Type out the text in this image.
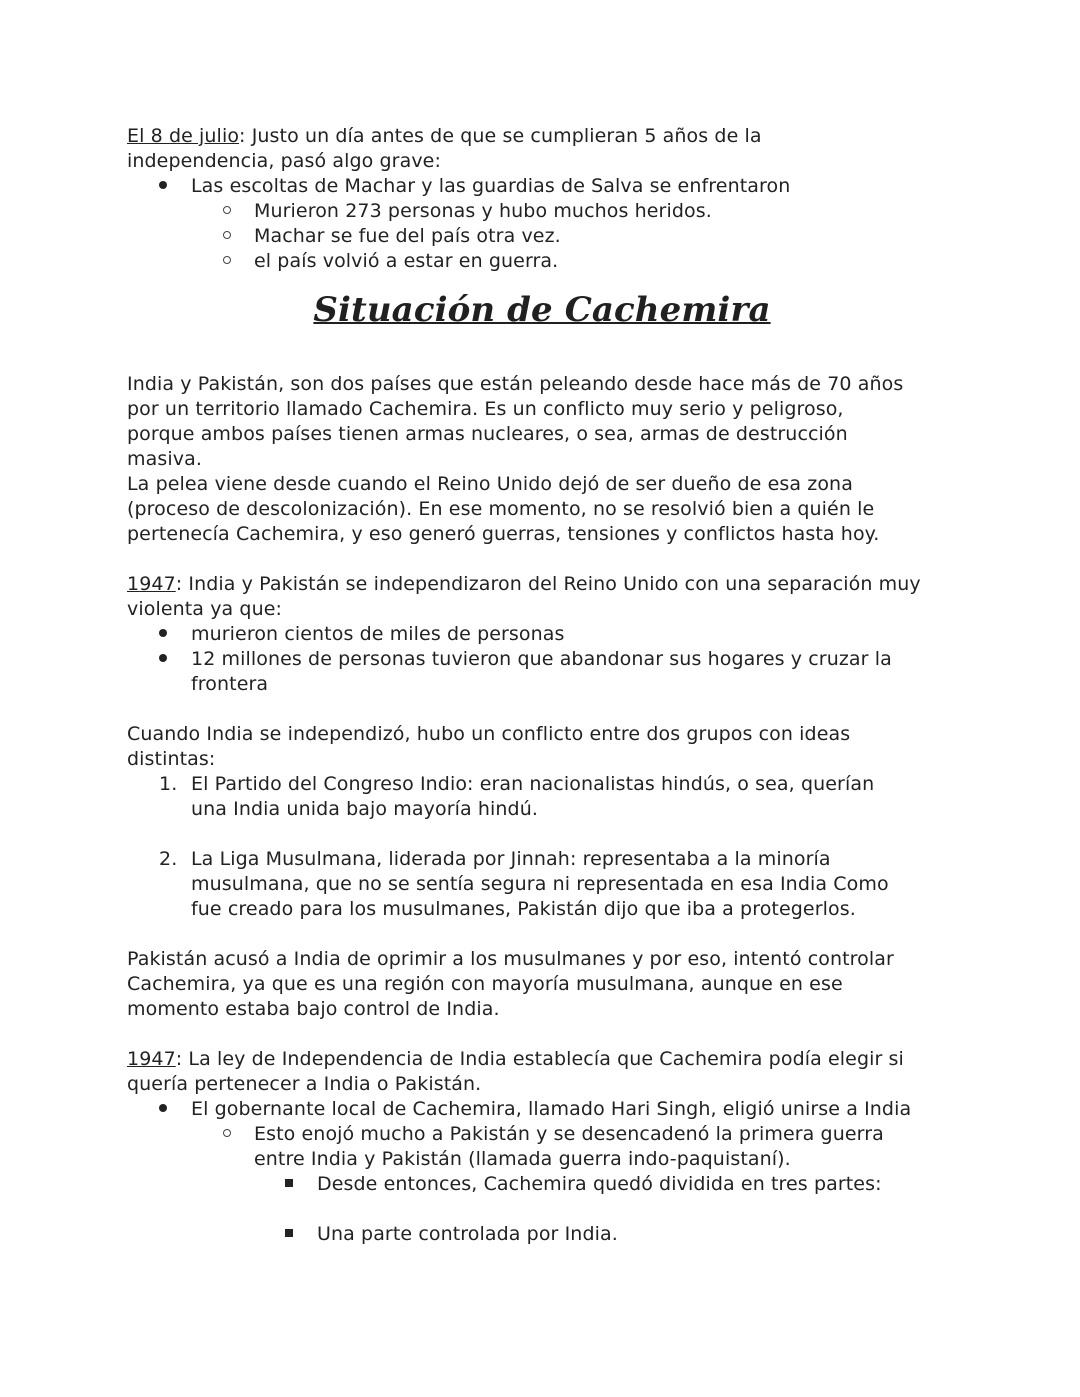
El 8 de julio: Justo un día antes de que se cumplieran 5 años de la

independencia, pasó algo grave:

Las escoltas de Machar y las guardias de Salva se enfrentaron
Murieron 273 personas y hubo muchos heridos.
Machar se fue del país otra vez.
el país volvió a estar en guerra.
Situación de Cachemira

India y Pakistán, son dos países que están peleando desde hace más de 70 años

por un territorio llamado Cachemira. Es un conflicto muy serio y peligroso,

porque ambos países tienen armas nucleares, o sea, armas de destrucción

masiva.

La pelea viene desde cuando el Reino Unido dejó de ser dueño de esa zona

(proceso de descolonización). En ese momento, no se resolvió bien a quién le

pertenecía Cachemira, y eso generó guerras, tensiones y conflictos hasta hoy.

1947: India y Pakistán se independizaron del Reino Unido con una separación muy

violenta ya que:

murieron cientos de miles de personas
12 millones de personas tuvieron que abandonar sus hogares y cruzar la
frontera

Cuando India se independizó, hubo un conflicto entre dos grupos con ideas

distintas:

1. El Partido del Congreso Indio: eran nacionalistas hindús, o sea, querían
una India unida bajo mayoría hindú.
2. La Liga Musulmana, liderada por Jinnah: representaba a la minoría
musulmana, que no se sentía segura ni representada en esa India Como
fue creado para los musulmanes, Pakistán dijo que iba a protegerlos.

Pakistán acusó a India de oprimir a los musulmanes y por eso, intentó controlar

Cachemira, ya que es una región con mayoría musulmana, aunque en ese

momento estaba bajo control de India.

1947: La ley de Independencia de India establecía que Cachemira podía elegir si

quería pertenecer a India o Pakistán.

El gobernante local de Cachemira, llamado Hari Singh, eligió unirse a India
Esto enojó mucho a Pakistán y se desencadenó la primera guerra
entre India y Pakistán (llamada guerra indo-paquistaní).
Desde entonces, Cachemira quedó dividida en tres partes:
Una parte controlada por India.
